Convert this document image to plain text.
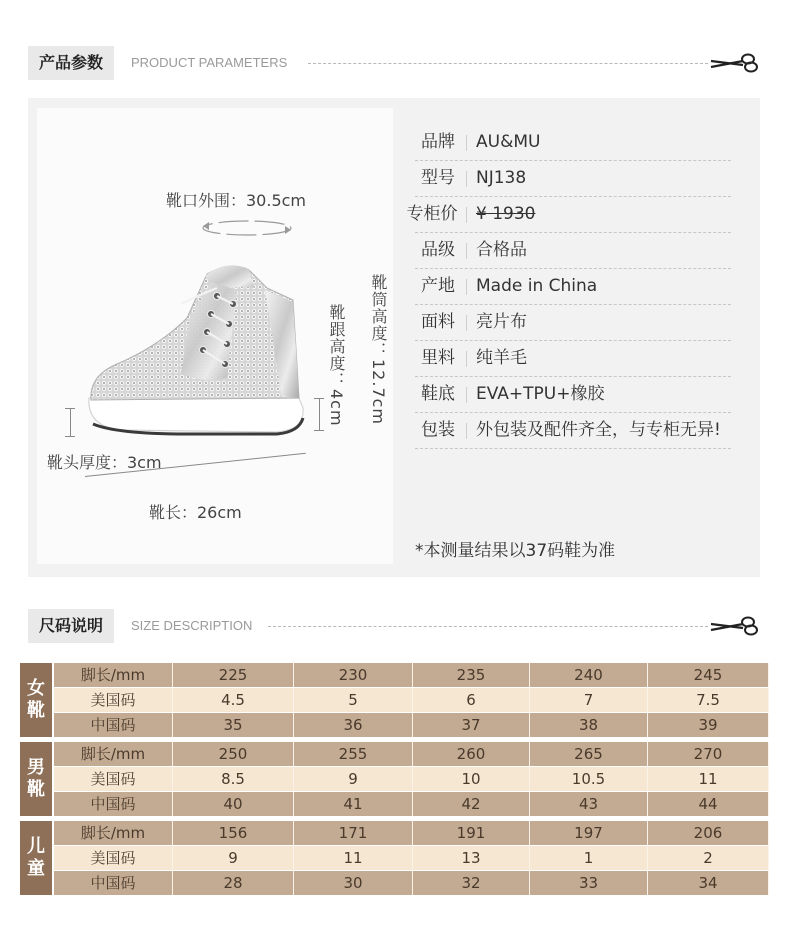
产品参数	PRODUCT PARAMETERS
靴口外围：30.5cm
靴头厚度：3cm
靴长：26cm
靴跟高度：4cm 靴筒高度：12.7cm
品牌	AU&MU
型号	NJ138
专柜价 ¥ 1930
品级	合格品
产地	Made in China
面料	亮片布
里料	纯羊毛
鞋底	EVA+TPU+橡胶
包装	外包装及配件齐全，与专柜无异!
*本测量结果以37码鞋为准
尺码说明	SIZE DESCRIPTION
女
靴
脚长/mm	225	230	235	240	245
美国码	4.5	5	6	7	7.5
中国码	35	36	37	38	39
男
靴
脚长/mm	250	255	260	265	270
美国码	8.5	9	10	10.5	11
中国码	40	41	42	43	44
儿
童
脚长/mm	156	171	191	197	206
美国码	9	11	13	1	2
中国码	28	30	32	33	34
